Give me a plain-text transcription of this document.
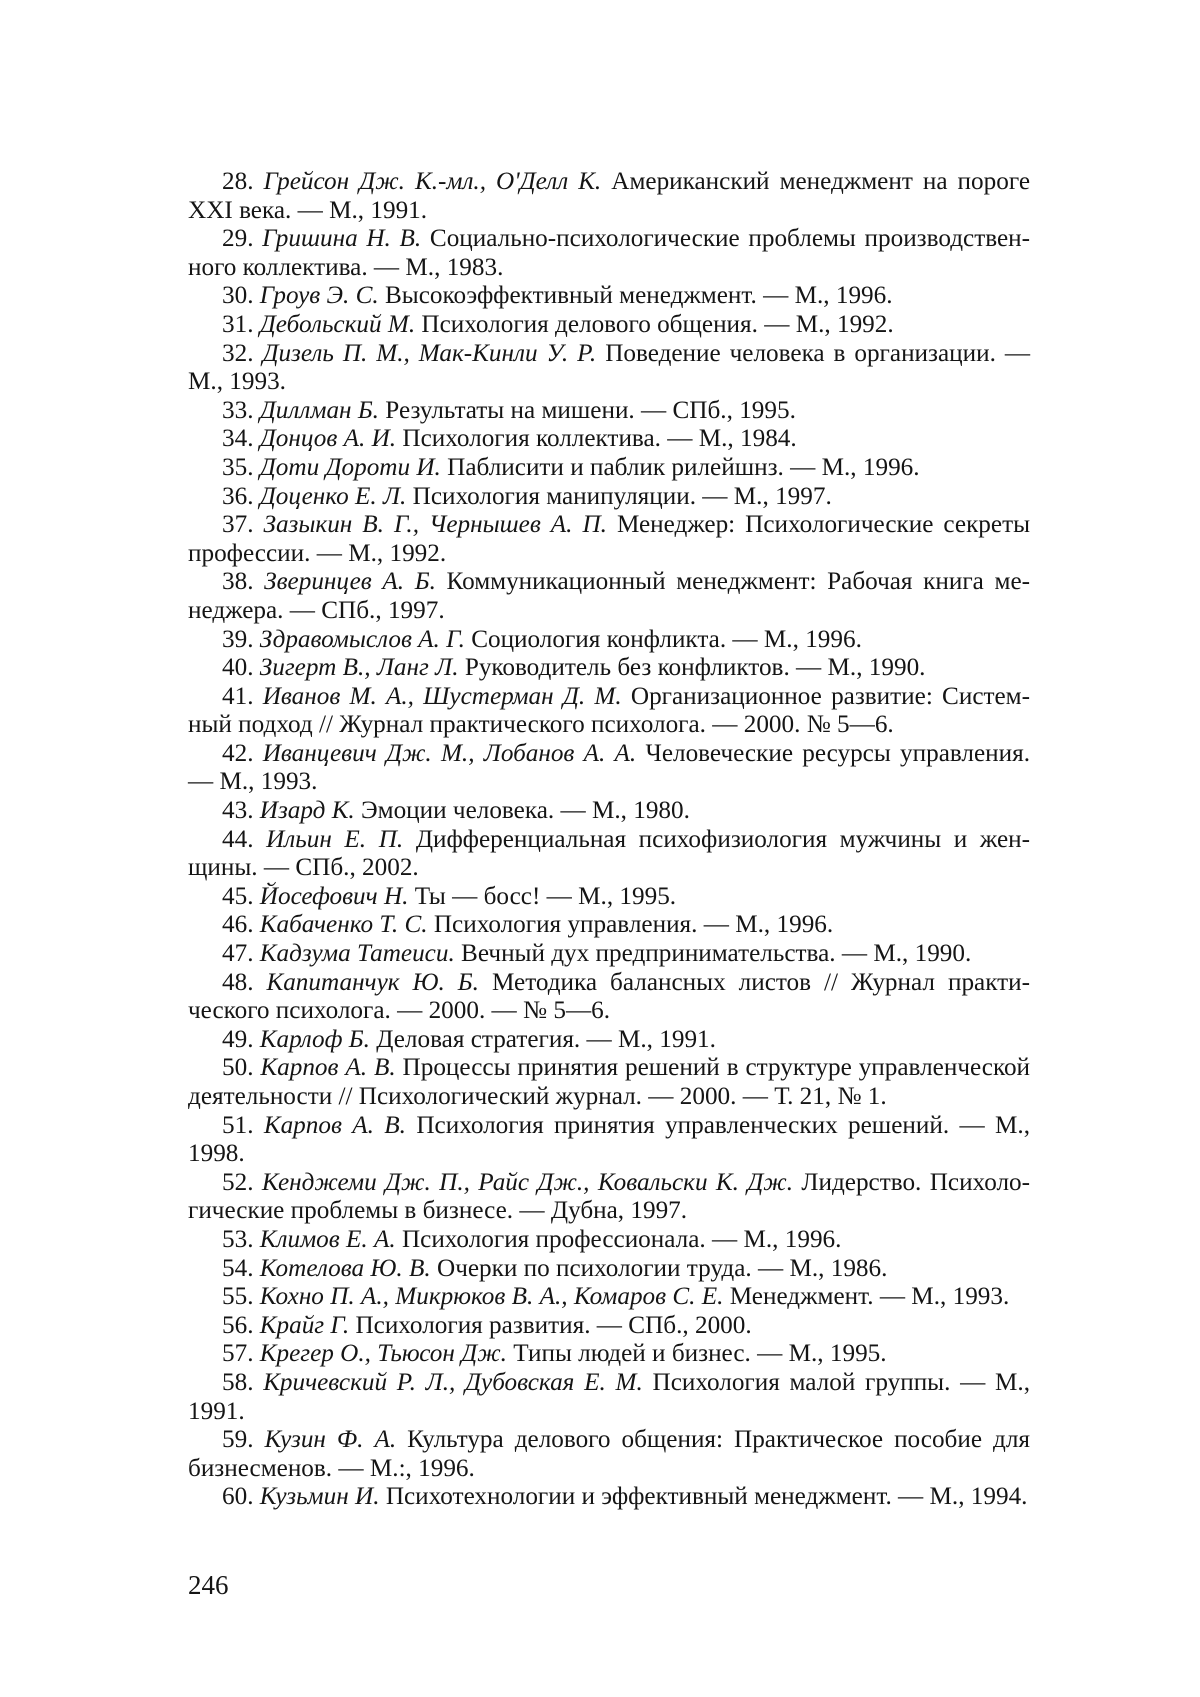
28. Грейсон Дж. К.-мл., О'Делл К. Американский менеджмент на пороге XXI века. — М., 1991.

29. Гришина Н. В. Социально-психологические проблемы производственного коллектива. — М., 1983.

30. Гроув Э. С. Высокоэффективный менеджмент. — М., 1996.

31. Дебольский М. Психология делового общения. — М., 1992.

32. Дизель П. М., Мак-Кинли У. Р. Поведение человека в организации. — М., 1993.

33. Диллман Б. Результаты на мишени. — СПб., 1995.

34. Донцов А. И. Психология коллектива. — М., 1984.

35. Доти Дороти И. Паблисити и паблик рилейшнз. — М., 1996.

36. Доценко Е. Л. Психология манипуляции. — М., 1997.

37. Зазыкин В. Г., Чернышев А. П. Менеджер: Психологические секреты профессии. — М., 1992.

38. Зверинцев А. Б. Коммуникационный менеджмент: Рабочая книга менеджера. — СПб., 1997.

39. Здравомыслов А. Г. Социология конфликта. — М., 1996.

40. Зигерт В., Ланг Л. Руководитель без конфликтов. — М., 1990.

41. Иванов М. А., Шустерман Д. М. Организационное развитие: Системный подход // Журнал практического психолога. — 2000. № 5—6.

42. Иванцевич Дж. М., Лобанов А. А. Человеческие ресурсы управления. — М., 1993.

43. Изард К. Эмоции человека. — М., 1980.

44. Ильин Е. П. Дифференциальная психофизиология мужчины и женщины. — СПб., 2002.

45. Йосефович Н. Ты — босс! — М., 1995.

46. Кабаченко Т. С. Психология управления. — М., 1996.

47. Кадзума Татеиси. Вечный дух предпринимательства. — М., 1990.

48. Капитанчук Ю. Б. Методика балансных листов // Журнал практического психолога. — 2000. — № 5—6.

49. Карлоф Б. Деловая стратегия. — М., 1991.

50. Карпов А. В. Процессы принятия решений в структуре управленческой деятельности // Психологический журнал. — 2000. — Т. 21, № 1.

51. Карпов А. В. Психология принятия управленческих решений. — М., 1998.

52. Кенджеми Дж. П., Райс Дж., Ковальски К. Дж. Лидерство. Психологические проблемы в бизнесе. — Дубна, 1997.

53. Климов Е. А. Психология профессионала. — М., 1996.

54. Котелова Ю. В. Очерки по психологии труда. — М., 1986.

55. Кохно П. А., Микрюков В. А., Комаров С. Е. Менеджмент. — М., 1993.

56. Крайг Г. Психология развития. — СПб., 2000.

57. Крегер О., Тьюсон Дж. Типы людей и бизнес. — М., 1995.

58. Кричевский Р. Л., Дубовская Е. М. Психология малой группы. — М., 1991.

59. Кузин Ф. А. Культура делового общения: Практическое пособие для бизнесменов. — М.:, 1996.

60. Кузьмин И. Психотехнологии и эффективный менеджмент. — М., 1994.

246
